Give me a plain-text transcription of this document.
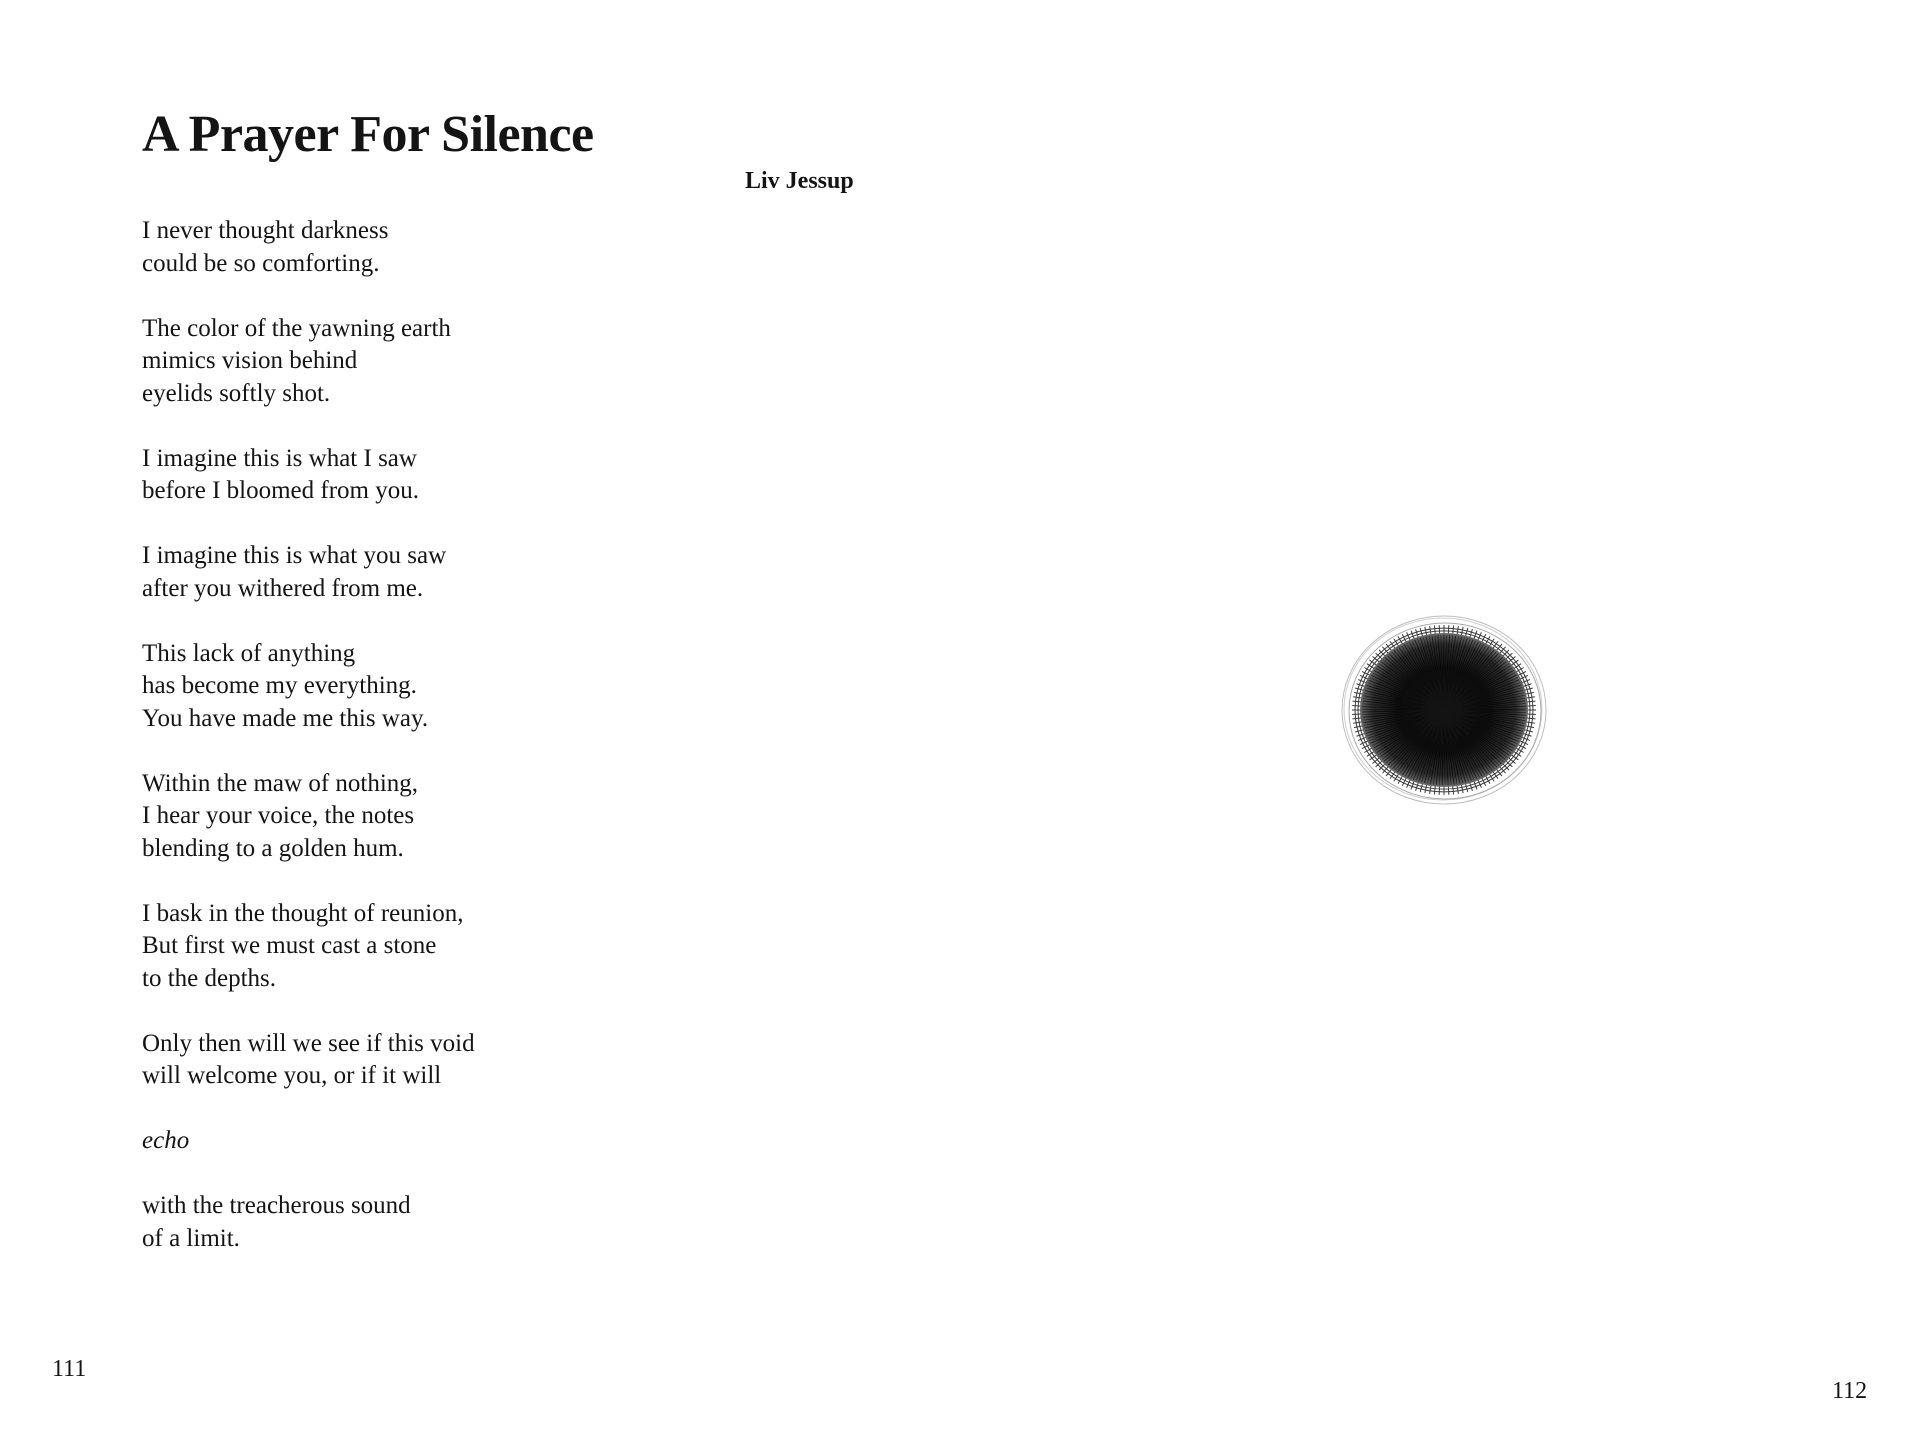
A Prayer For Silence
Liv Jessup

I never thought darkness
could be so comforting.

The color of the yawning earth
mimics vision behind
eyelids softly shot.

I imagine this is what I saw
before I bloomed from you.

I imagine this is what you saw
after you withered from me.

This lack of anything
has become my everything.
You have made me this way.

Within the maw of nothing,
I hear your voice, the notes
blending to a golden hum.

I bask in the thought of reunion,
But first we must cast a stone
to the depths.

Only then will we see if this void
will welcome you, or if it will

echo

with the treacherous sound
of a limit.

111
112
